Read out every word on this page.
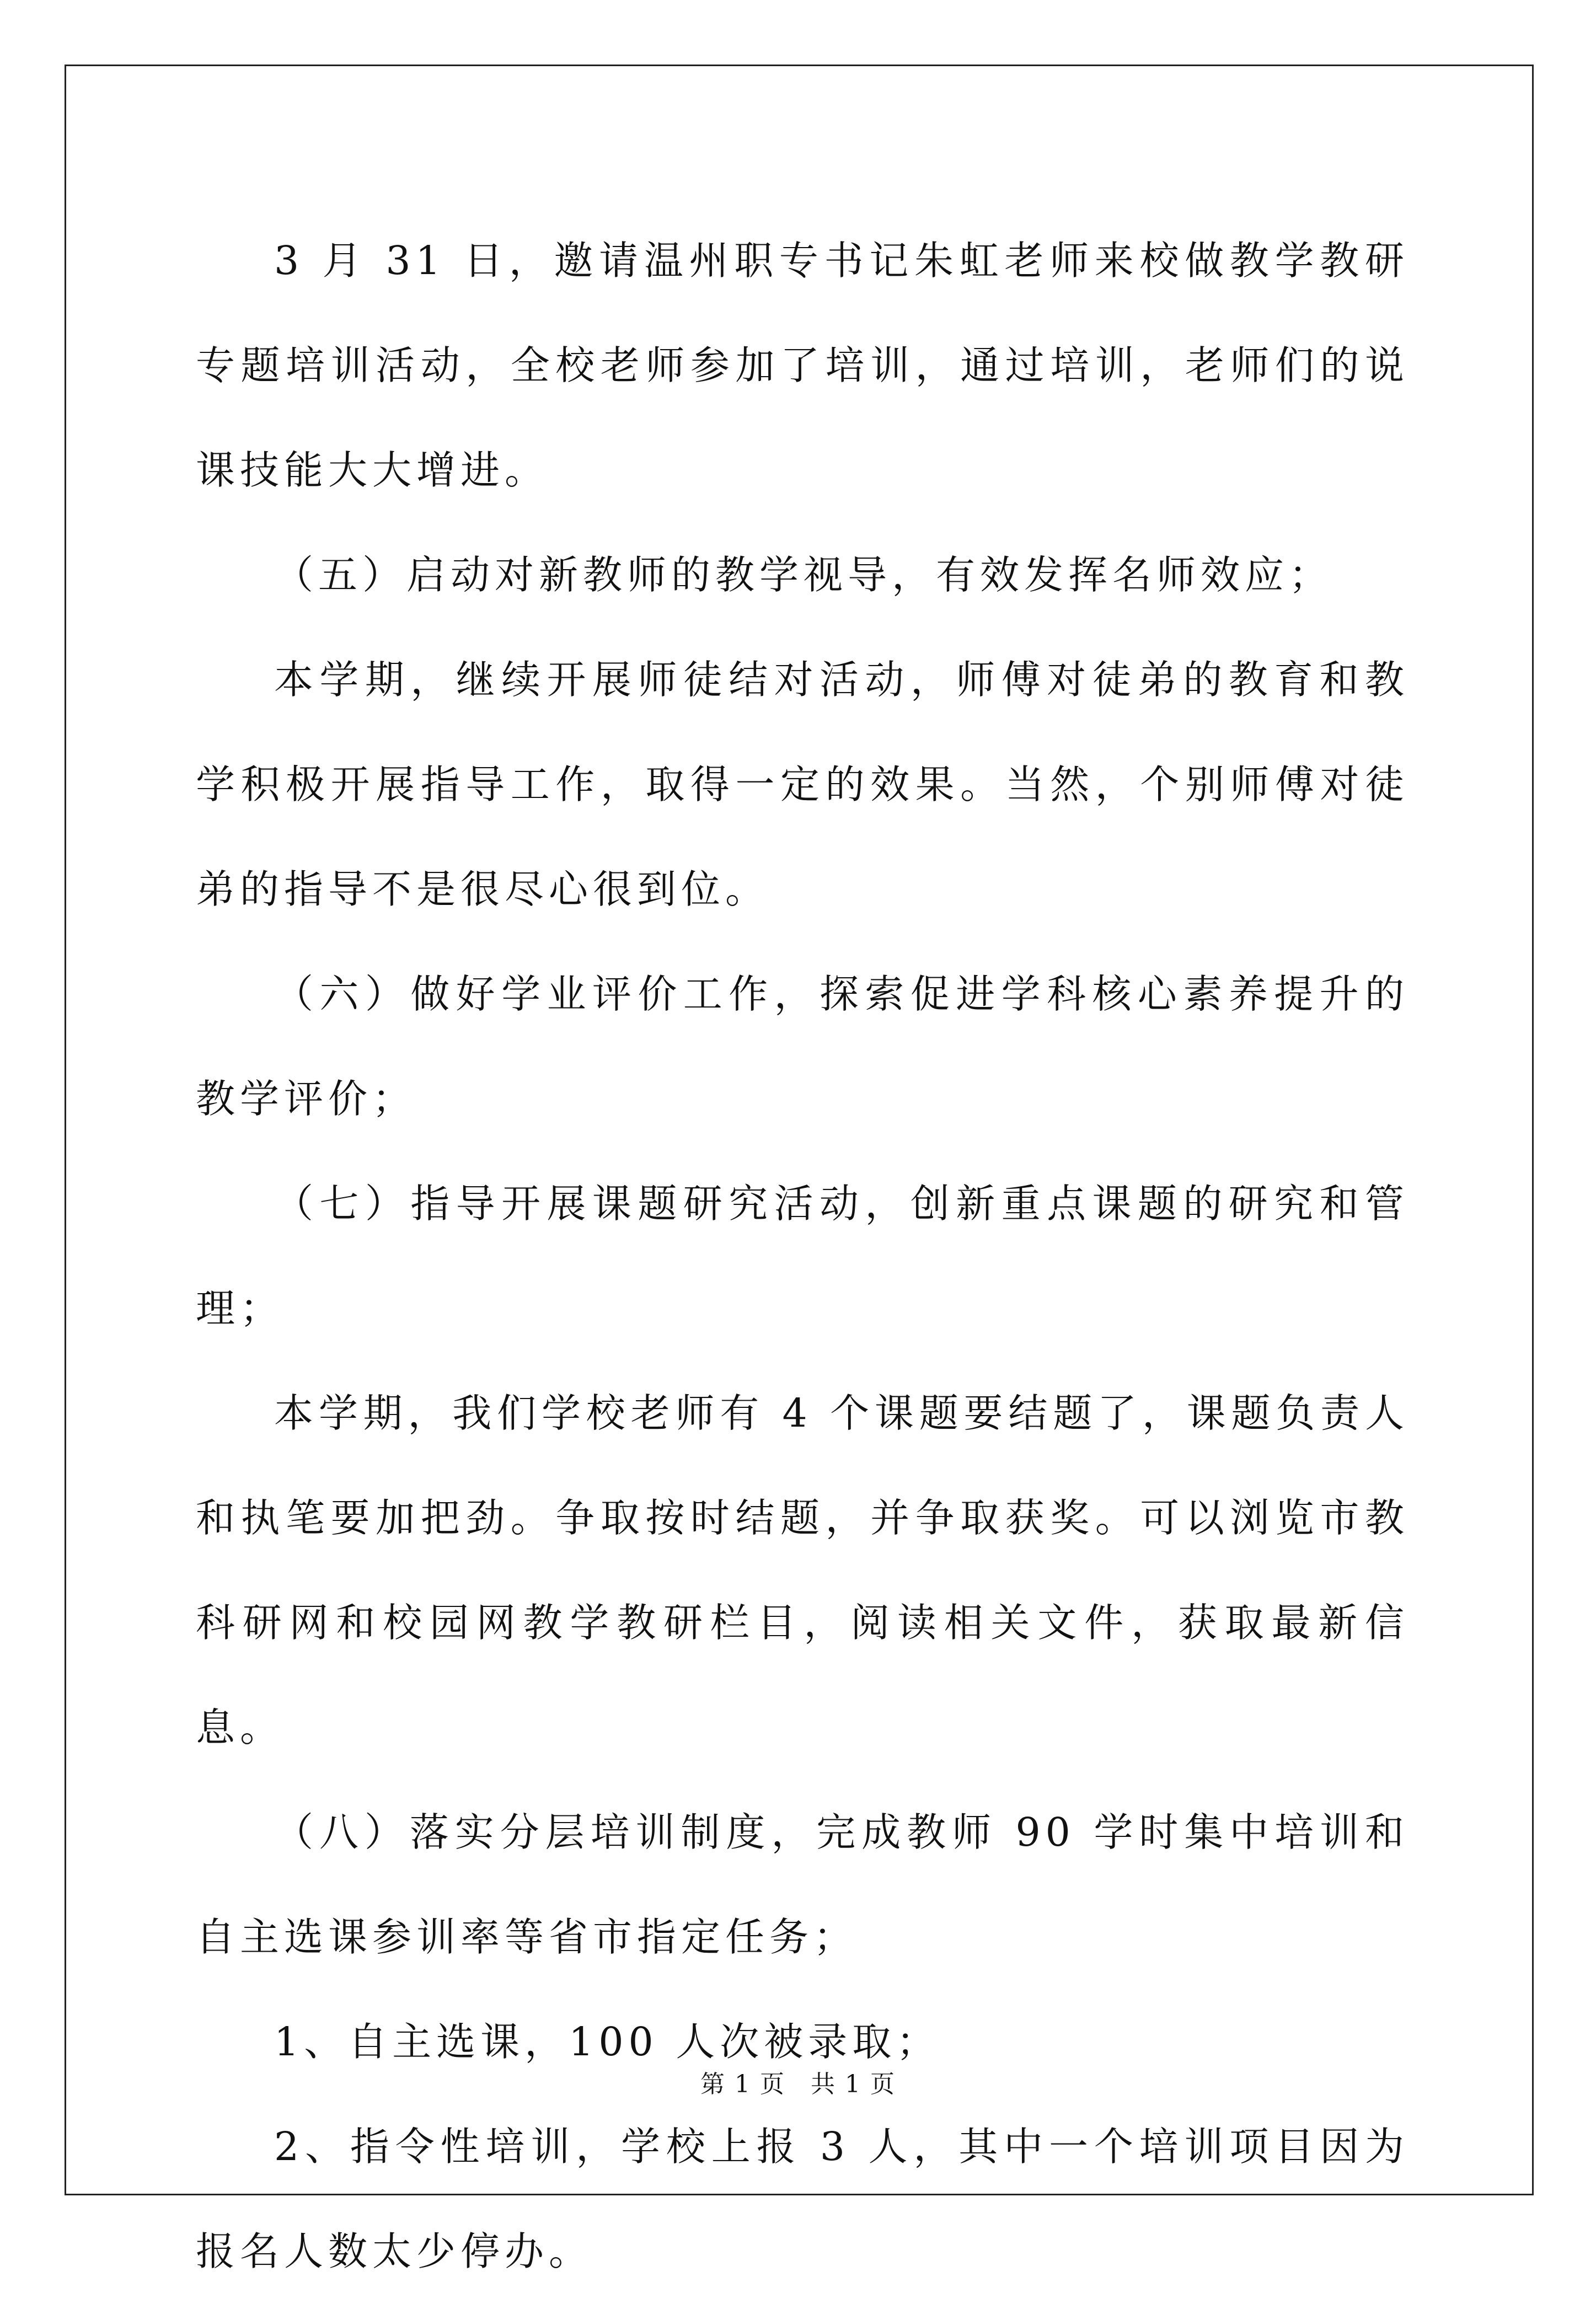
3 月 31 日，邀请温州职专书记朱虹老师来校做教学教研专题培训活动，全校老师参加了培训，通过培训，老师们的说课技能大大增进。

（五）启动对新教师的教学视导，有效发挥名师效应；

本学期，继续开展师徒结对活动，师傅对徒弟的教育和教学积极开展指导工作，取得一定的效果。当然，个别师傅对徒弟的指导不是很尽心很到位。

（六）做好学业评价工作，探索促进学科核心素养提升的教学评价；

（七）指导开展课题研究活动，创新重点课题的研究和管理；

本学期，我们学校老师有 4 个课题要结题了，课题负责人和执笔要加把劲。争取按时结题，并争取获奖。可以浏览市教科研网和校园网教学教研栏目，阅读相关文件，获取最新信息。

（八）落实分层培训制度，完成教师 90 学时集中培训和自主选课参训率等省市指定任务；

1、自主选课，100 人次被录取；

2、指令性培训，学校上报 3 人，其中一个培训项目因为报名人数太少停办。

第 1 页　共 1 页
